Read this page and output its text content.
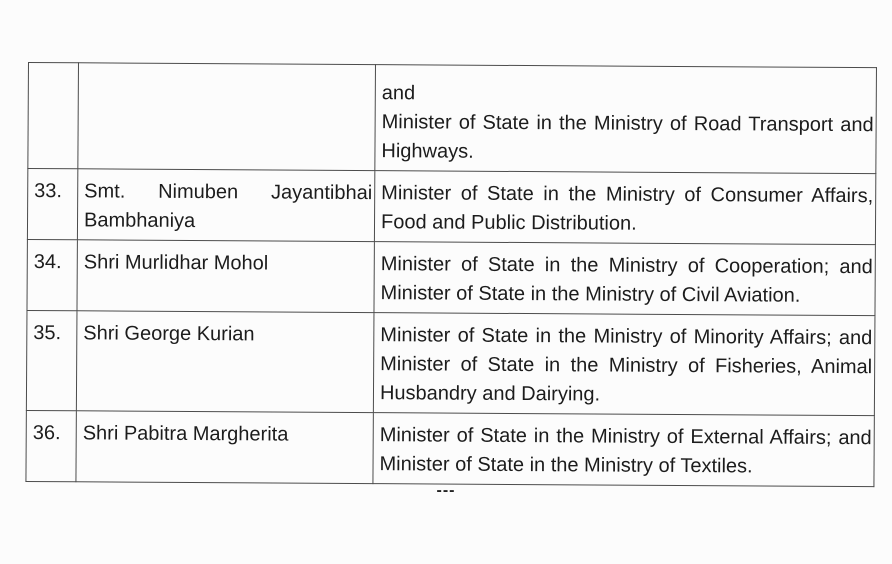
		and
Minister of State in the Ministry of Road Transport and Highways.

33.	Smt. Nimuben Jayantibhai Bambhaniya	Minister of State in the Ministry of Consumer Affairs, Food and Public Distribution.

34.	Shri Murlidhar Mohol	Minister of State in the Ministry of Cooperation; and Minister of State in the Ministry of Civil Aviation.

35.	Shri George Kurian	Minister of State in the Ministry of Minority Affairs; and Minister of State in the Ministry of Fisheries, Animal Husbandry and Dairying.

36.	Shri Pabitra Margherita	Minister of State in the Ministry of External Affairs; and Minister of State in the Ministry of Textiles.
---
